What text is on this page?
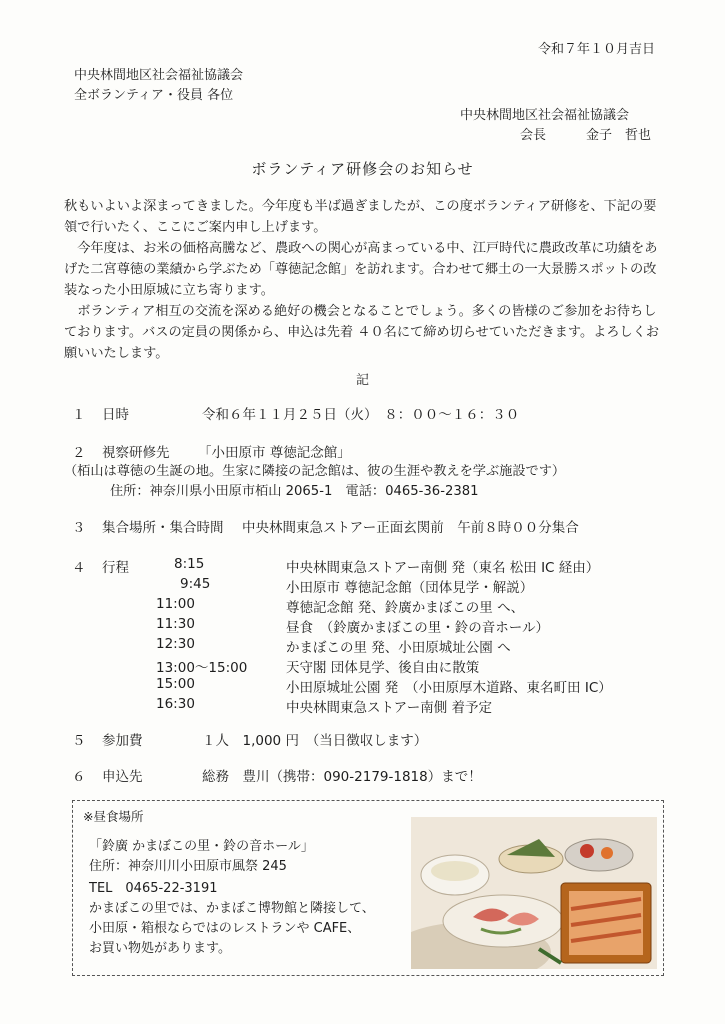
令和７年１０月吉日
中央林間地区社会福祉協議会
全ボランティア・役員 各位
中央林間地区社会福祉協議会
会長	金子　哲也
ボランティア研修会のお知らせ

秋もいよいよ深まってきました。今年度も半ば過ぎましたが、この度ボランティア研修を、下記の要領で行いたく、ここにご案内申し上げます。

今年度は、お米の価格高騰など、農政への関心が高まっている中、江戸時代に農政改革に功績をあげた二宮尊徳の業績から学ぶため「尊徳記念館」を訪れます。合わせて郷土の一大景勝スポットの改装なった小田原城に立ち寄ります。

ボランティア相互の交流を深める絶好の機会となることでしょう。多くの皆様のご参加をお待ちしております。バスの定員の関係から、申込は先着 ４０名にて締め切らせていただきます。よろしくお願いいたします。

記
１ 日時	令和６年１１月２５日（火）　８：００～１６：３０
２ 視察研修先 「小田原市 尊徳記念館」
（栢山は尊徳の生誕の地。生家に隣接の記念館は、彼の生涯や教えを学ぶ施設です）
住所：神奈川県小田原市栢山 2065-1　電話：0465-36-2381
３ 集合場所・集合時間 中央林間東急ストアー正面玄関前　午前８時００分集合
４ 行程	8:15	中央林間東急ストアー南側 発（東名 松田 IC 経由）
9:45	小田原市 尊徳記念館（団体見学・解説）
11:00	尊徳記念館 発、鈴廣かまぼこの里 へ、
11:30	昼食　（鈴廣かまぼこの里・鈴の音ホール）
12:30	かまぼこの里 発、小田原城址公園 へ
13:00～15:00	天守閣 団体見学、後自由に散策
15:00	小田原城址公園 発　（小田原厚木道路、東名町田 IC）
16:30	中央林間東急ストアー南側 着予定
５ 参加費	１人　1,000 円　（当日徴収します）
６ 申込先	総務　豊川（携帯：090-2179-1818）まで！
※昼食場所
「鈴廣 かまぼこの里・鈴の音ホール」
住所：神奈川川小田原市風祭 245
TEL　0465-22-3191
かまぼこの里では、かまぼこ博物館と隣接して、
小田原・箱根ならではのレストランや CAFE、
お買い物処があります。
